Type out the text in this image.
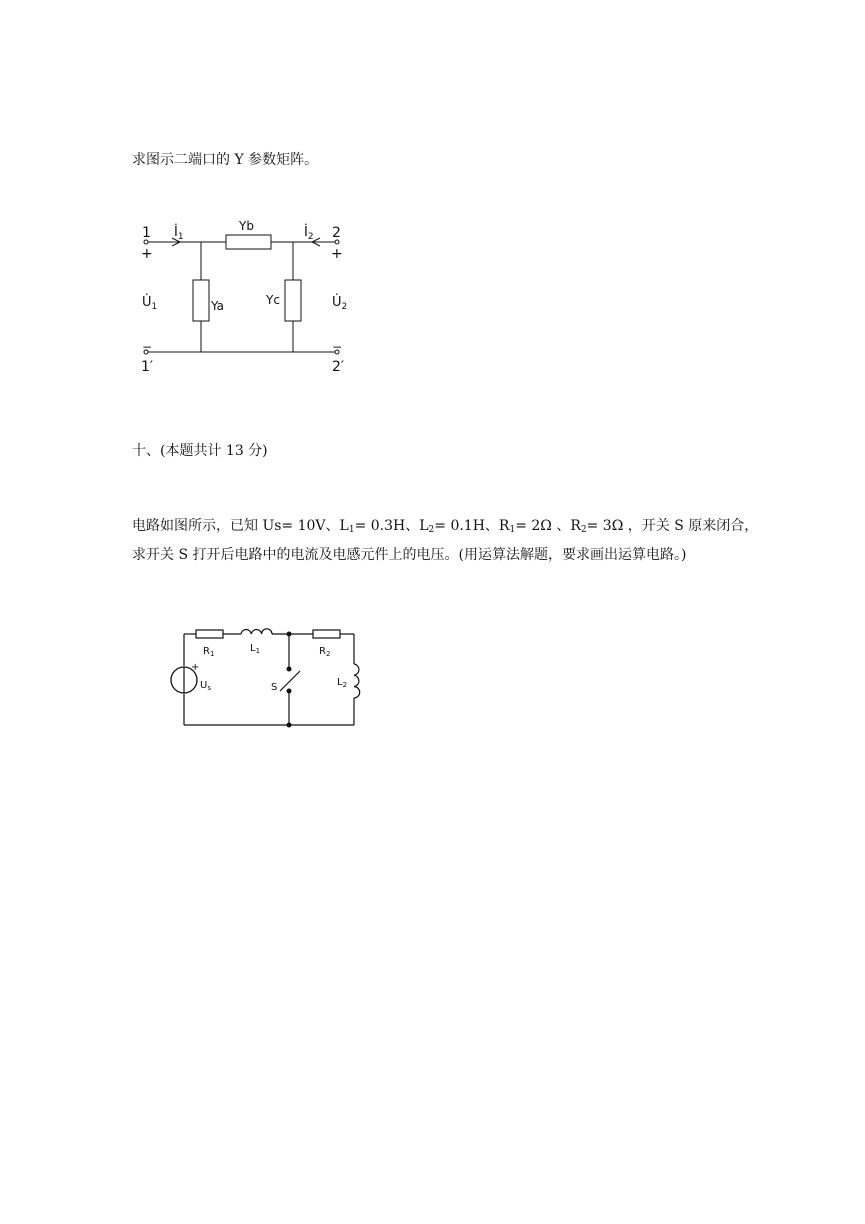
求图示二端口的 Y 参数矩阵。
1
+
2
+
−	−
1′	2′
$İ_1$	$İ_2$
$U̇_1$	$U̇_2$
Yb
Ya	Yc
十、(本题共计 13 分)
电路如图所示，已知 Us= 10V、$L_1= 0.3H$、$L_2= 0.1H$、$R_1= 2\Omega$ 、$R_2= 3\Omega$ ，开关 S 原来闭合，
求开关 S 打开后电路中的电流及电感元件上的电压。(用运算法解题，要求画出运算电路。)
$R_1$	$L_1$	$R_2$
$L_2$
$U_s$
+
S
